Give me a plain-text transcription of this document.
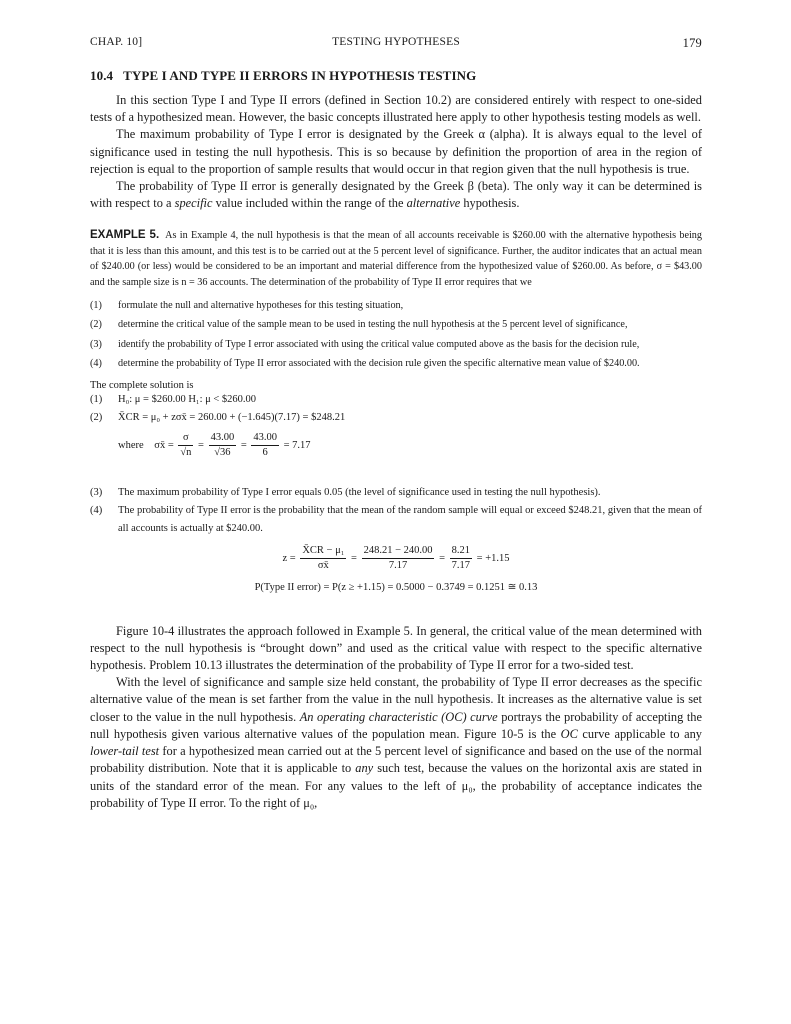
CHAP. 10]	TESTING HYPOTHESES	179
10.4 TYPE I AND TYPE II ERRORS IN HYPOTHESIS TESTING

In this section Type I and Type II errors (defined in Section 10.2) are considered entirely with respect to one-sided tests of a hypothesized mean. However, the basic concepts illustrated here apply to other hypothesis testing models as well.

The maximum probability of Type I error is designated by the Greek α (alpha). It is always equal to the level of significance used in testing the null hypothesis. This is so because by definition the proportion of area in the region of rejection is equal to the proportion of sample results that would occur in that region given that the null hypothesis is true.

The probability of Type II error is generally designated by the Greek β (beta). The only way it can be determined is with respect to a specific value included within the range of the alternative hypothesis.

EXAMPLE 5. As in Example 4, the null hypothesis is that the mean of all accounts receivable is $260.00 with the alternative hypothesis being that it is less than this amount, and this test is to be carried out at the 5 percent level of significance. Further, the auditor indicates that an actual mean of $240.00 (or less) would be considered to be an important and material difference from the hypothesized value of $260.00. As before, σ = $43.00 and the sample size is n = 36 accounts. The determination of the probability of Type II error requires that we
(1) formulate the null and alternative hypotheses for this testing situation,
(2) determine the critical value of the sample mean to be used in testing the null hypothesis at the 5 percent level of significance,
(3) identify the probability of Type I error associated with using the critical value computed above as the basis for the decision rule,
(4) determine the probability of Type II error associated with the decision rule given the specific alternative mean value of $240.00.
The complete solution is
(1) H₀: μ = $260.00 H₁: μ < $260.00
(2) X̄CR = μ₀ + zσx̄ = 260.00 + (−1.645)(7.17) = $248.21
where σx̄ = $\frac{\sigma}{√n} = \frac{43.00}{√36} = \frac{43.00}{6} = 7.17$
(3) The maximum probability of Type I error equals 0.05 (the level of significance used in testing the null hypothesis).
(4) The probability of Type II error is the probability that the mean of the random sample will equal or exceed $248.21, given that the mean of all accounts is actually at $240.00.
$z = \frac{\text{X̄CR − μ₁}}{\sigma x̄} = \frac{248.21 - 240.00}{7.17} = \frac{8.21}{7.17} = +1.15$
P(Type II error) = P(z ≥ +1.15) = 0.5000 − 0.3749 = 0.1251 ≅ 0.13

Figure 10-4 illustrates the approach followed in Example 5. In general, the critical value of the mean determined with respect to the null hypothesis is “brought down” and used as the critical value with respect to the specific alternative hypothesis. Problem 10.13 illustrates the determination of the probability of Type II error for a two-sided test.

With the level of significance and sample size held constant, the probability of Type II error decreases as the specific alternative value of the mean is set farther from the value in the null hypothesis. It increases as the alternative value is set closer to the value in the null hypothesis. An operating characteristic (OC) curve portrays the probability of accepting the null hypothesis given various alternative values of the population mean. Figure 10-5 is the OC curve applicable to any lower-tail test for a hypothesized mean carried out at the 5 percent level of significance and based on the use of the normal probability distribution. Note that it is applicable to any such test, because the values on the horizontal axis are stated in units of the standard error of the mean. For any values to the left of μ₀, the probability of acceptance indicates the probability of Type II error. To the right of μ₀,
